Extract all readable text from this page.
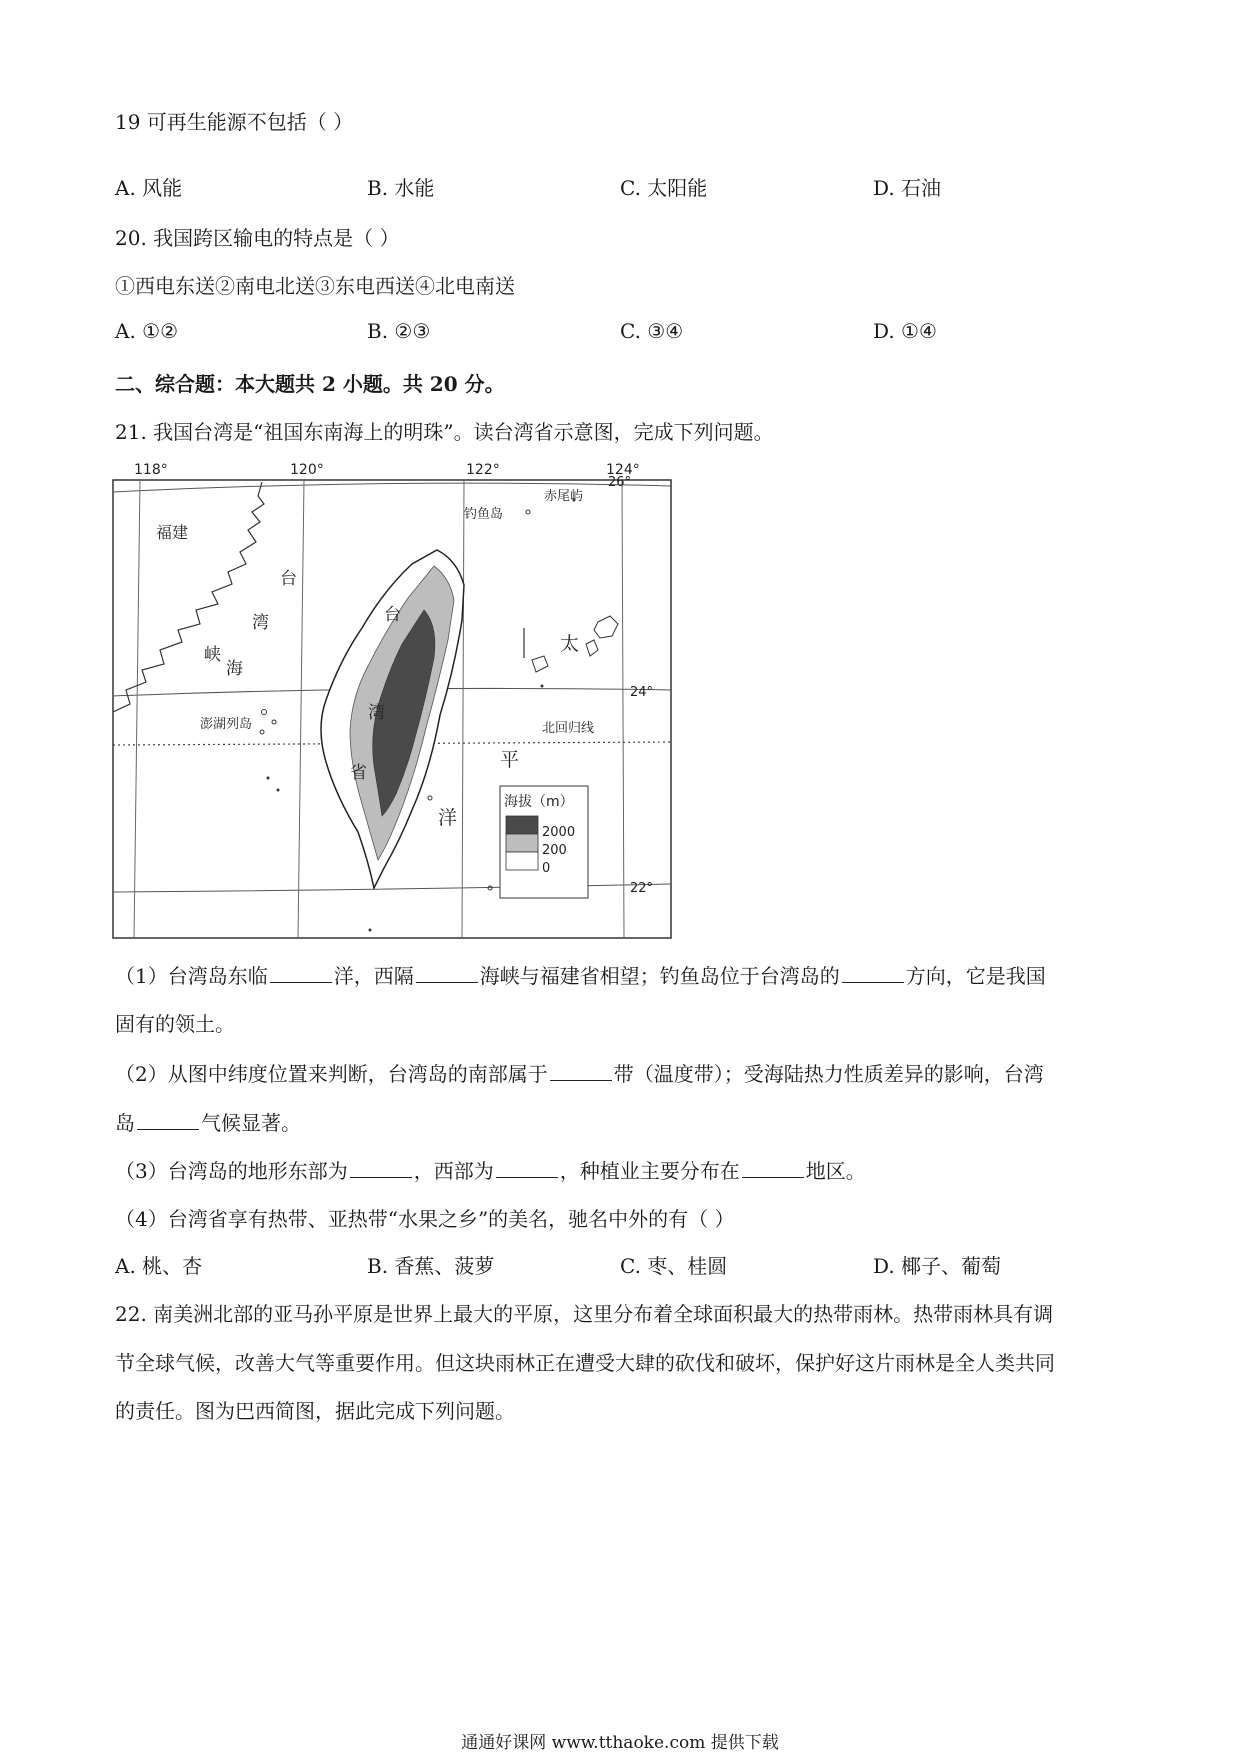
19 可再生能源不包括（ ）
A. 风能	B. 水能	C. 太阳能	D. 石油
20. 我国跨区输电的特点是（ ）
①西电东送②南电北送③东电西送④北电南送
A. ①②	B. ②③	C. ③④	D. ①④
二、综合题：本大题共 2 小题。共 20 分。
21. 我国台湾是“祖国东南海上的明珠”。读台湾省示意图，完成下列问题。
118°	120°	122°	124°
福建
钓鱼岛
赤尾屿
台
湾
海
峡
台
湾
省
太
平
洋
澎湖列岛	北回归线
26°
24°
22°
海拔（m）
2000
200
0
（1）台湾岛东临	洋，西隔	海峡与福建省相望；钓鱼岛位于台湾岛的	方向，它是我国
固有的领土。
（2）从图中纬度位置来判断，台湾岛的南部属于	带（温度带）；受海陆热力性质差异的影响，台湾
岛	气候显著。
（3）台湾岛的地形东部为	，西部为	，种植业主要分布在	地区。
（4）台湾省享有热带、亚热带“水果之乡”的美名，驰名中外的有（ ）
A. 桃、杏	B. 香蕉、菠萝	C. 枣、桂圆	D. 椰子、葡萄
22. 南美洲北部的亚马孙平原是世界上最大的平原，这里分布着全球面积最大的热带雨林。热带雨林具有调
节全球气候，改善大气等重要作用。但这块雨林正在遭受大肆的砍伐和破坏，保护好这片雨林是全人类共同
的责任。图为巴西简图，据此完成下列问题。
通通好课网 www.tthaoke.com 提供下载
